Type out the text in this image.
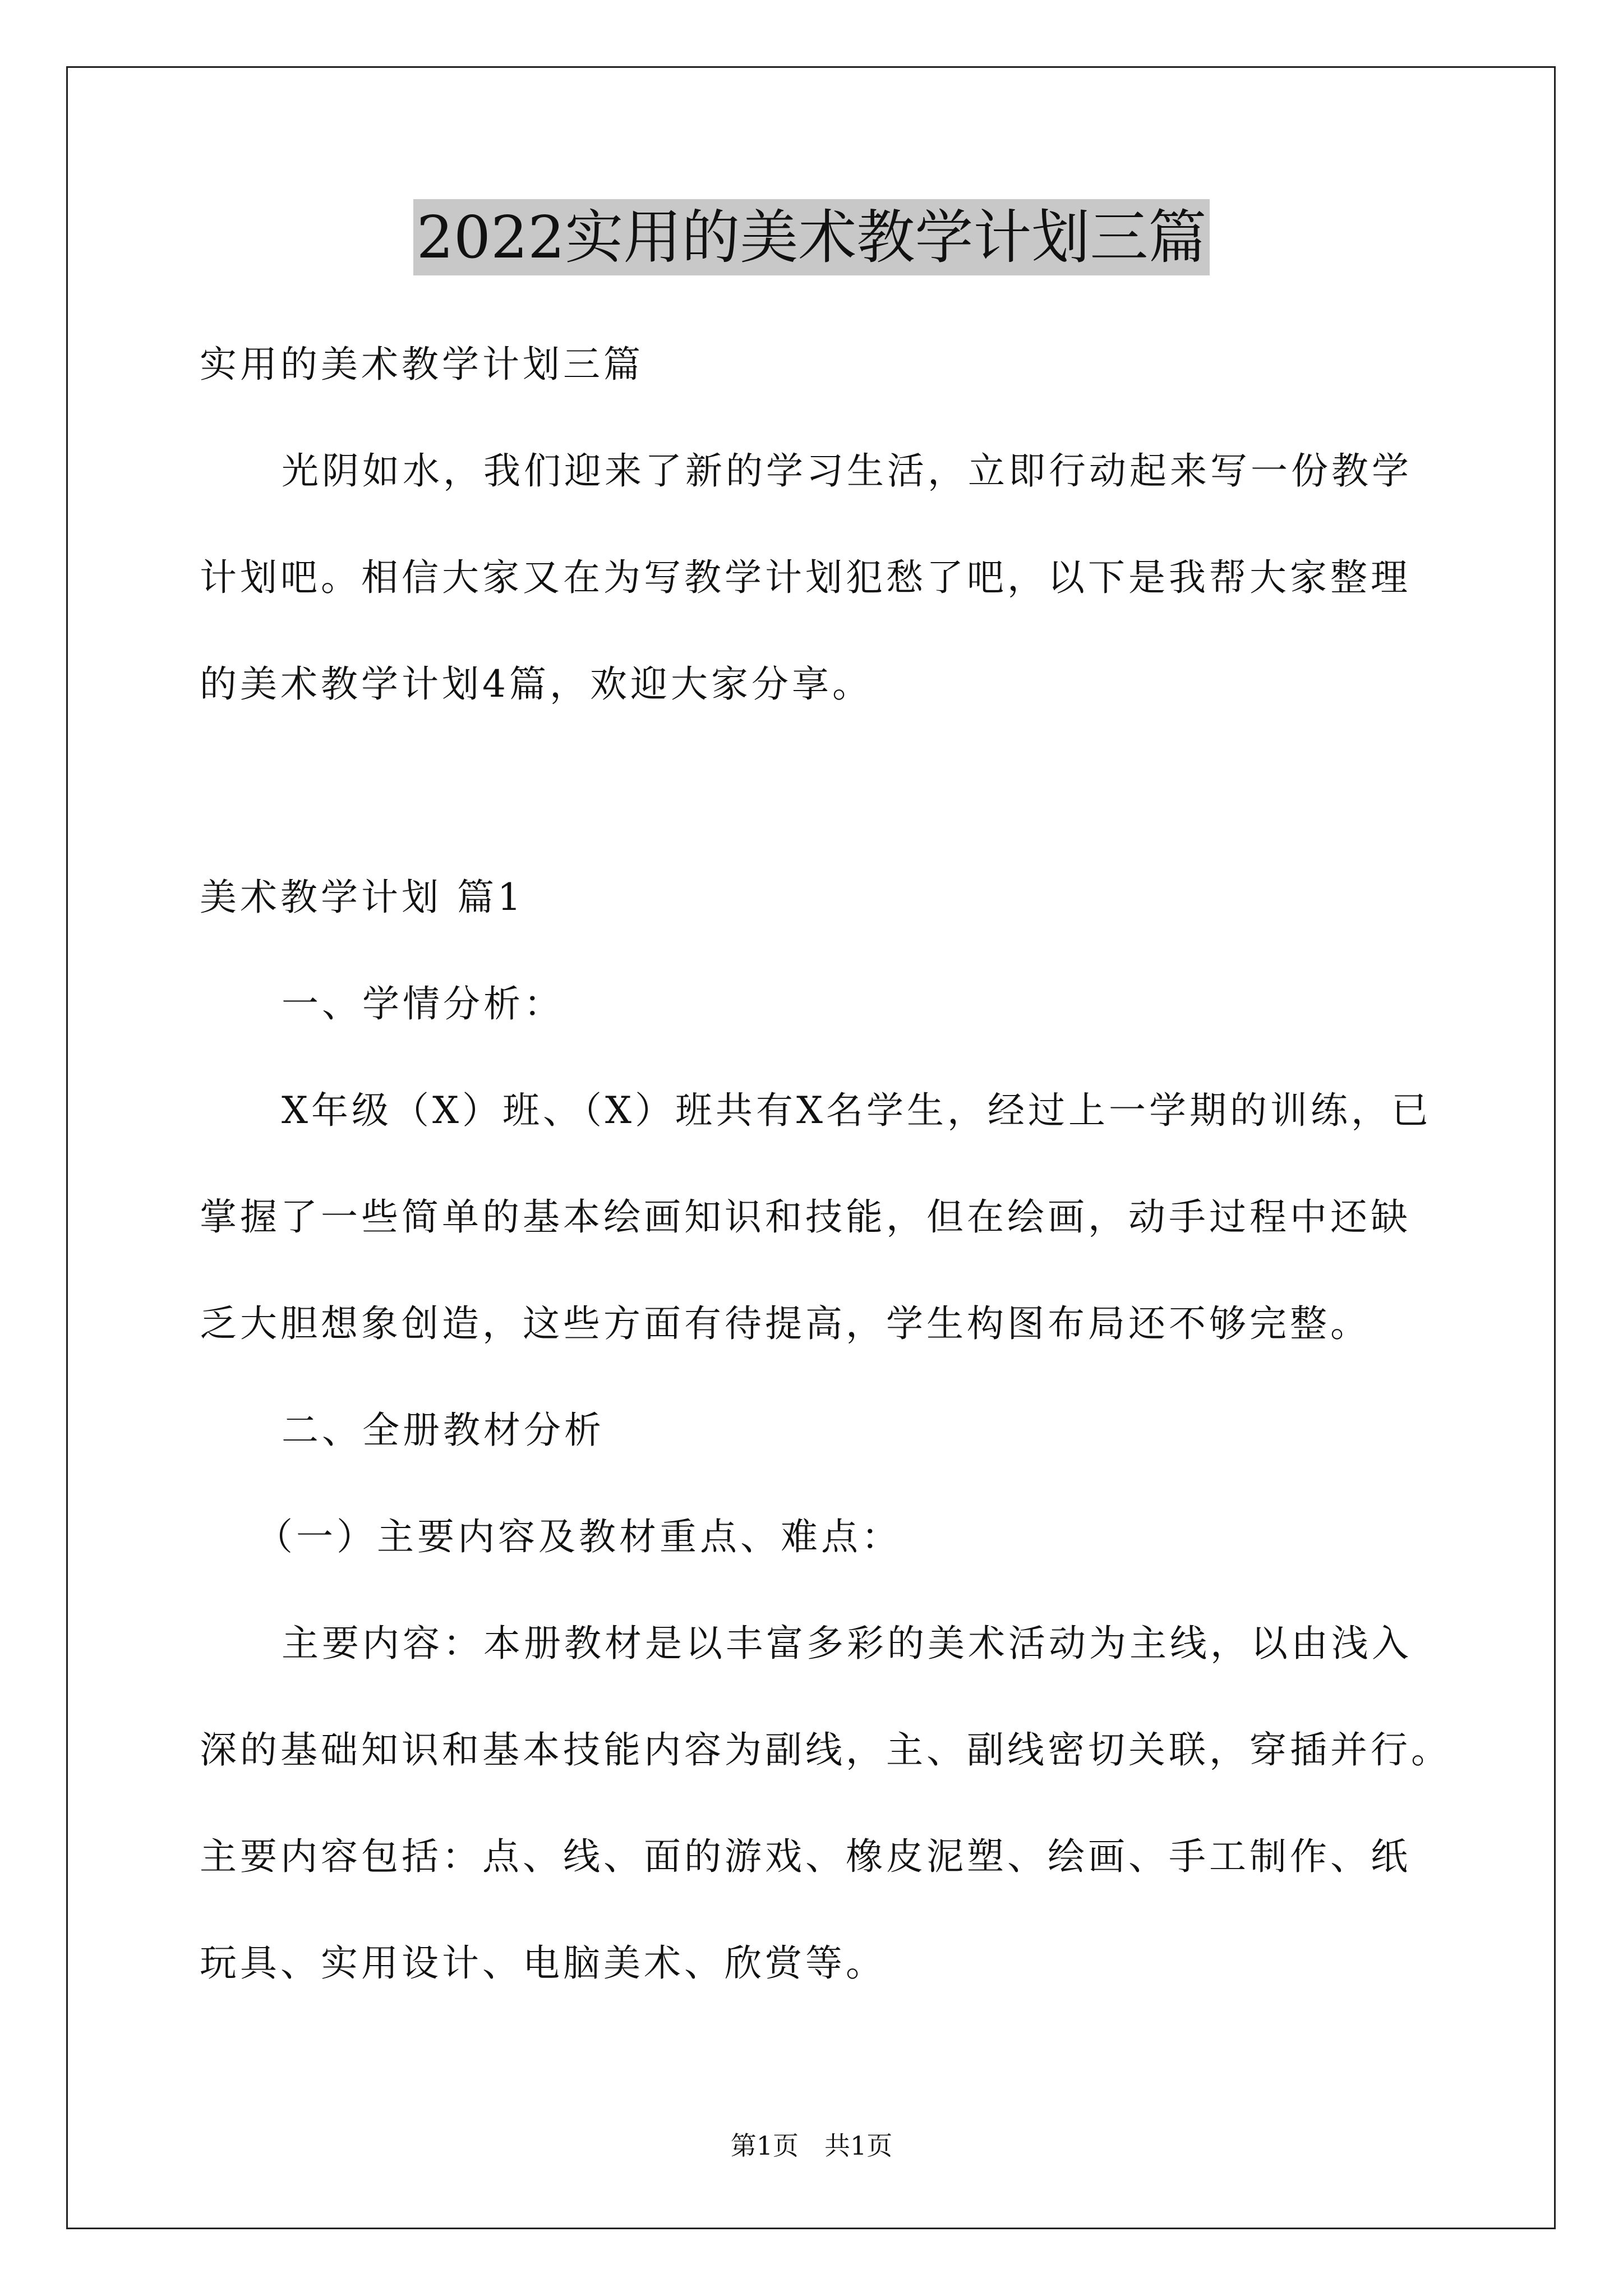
2022实用的美术教学计划三篇

实用的美术教学计划三篇

光阴如水，我们迎来了新的学习生活，立即行动起来写一份教学

计划吧。相信大家又在为写教学计划犯愁了吧，以下是我帮大家整理

的美术教学计划4篇，欢迎大家分享。

美术教学计划 篇1

一、学情分析：

X年级（X）班、（X）班共有X名学生，经过上一学期的训练，已

掌握了一些简单的基本绘画知识和技能，但在绘画，动手过程中还缺

乏大胆想象创造，这些方面有待提高，学生构图布局还不够完整。

二、全册教材分析

（一）主要内容及教材重点、难点：

主要内容：本册教材是以丰富多彩的美术活动为主线，以由浅入

深的基础知识和基本技能内容为副线，主、副线密切关联，穿插并行。

主要内容包括：点、线、面的游戏、橡皮泥塑、绘画、手工制作、纸

玩具、实用设计、电脑美术、欣赏等。

第1页　共1页
